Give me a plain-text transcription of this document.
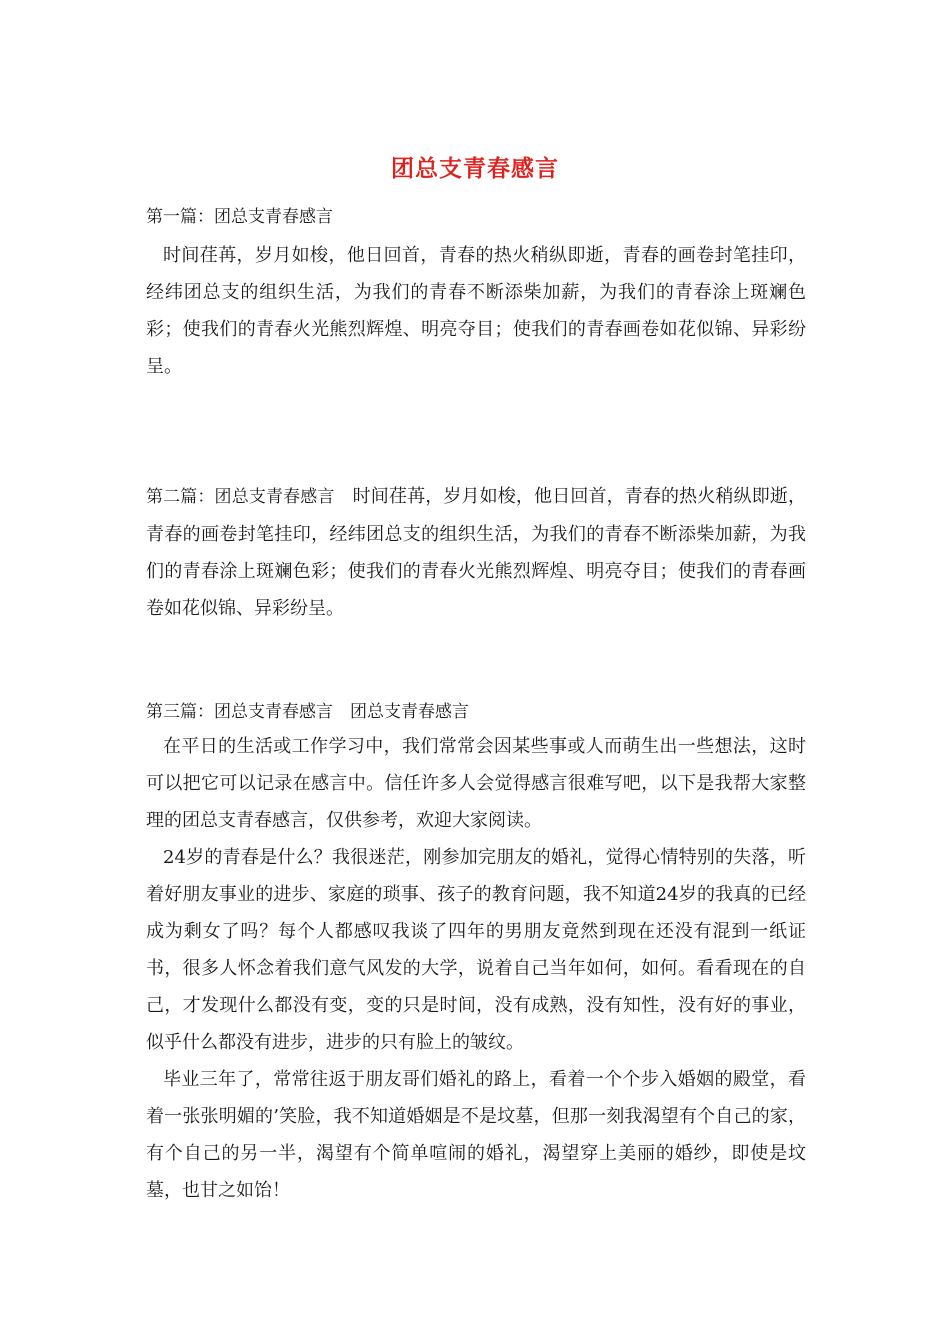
团总支青春感言

第一篇：团总支青春感言

时间荏苒，岁月如梭，他日回首，青春的热火稍纵即逝，青春的画卷封笔挂印，经纬团总支的组织生活，为我们的青春不断添柴加薪，为我们的青春涂上斑斓色彩；使我们的青春火光熊烈辉煌、明亮夺目；使我们的青春画卷如花似锦、异彩纷呈。

第二篇：团总支青春感言  时间荏苒，岁月如梭，他日回首，青春的热火稍纵即逝，青春的画卷封笔挂印，经纬团总支的组织生活，为我们的青春不断添柴加薪，为我们的青春涂上斑斓色彩；使我们的青春火光熊烈辉煌、明亮夺目；使我们的青春画卷如花似锦、异彩纷呈。

第三篇：团总支青春感言  团总支青春感言

在平日的生活或工作学习中，我们常常会因某些事或人而萌生出一些想法，这时可以把它可以记录在感言中。信任许多人会觉得感言很难写吧，以下是我帮大家整理的团总支青春感言，仅供参考，欢迎大家阅读。

24岁的青春是什么？我很迷茫，刚参加完朋友的婚礼，觉得心情特别的失落，听着好朋友事业的进步、家庭的琐事、孩子的教育问题，我不知道24岁的我真的已经成为剩女了吗？每个人都感叹我谈了四年的男朋友竟然到现在还没有混到一纸证书，很多人怀念着我们意气风发的大学，说着自己当年如何，如何。看看现在的自己，才发现什么都没有变，变的只是时间，没有成熟，没有知性，没有好的事业，似乎什么都没有进步，进步的只有脸上的皱纹。

毕业三年了，常常往返于朋友哥们婚礼的路上，看着一个个步入婚姻的殿堂，看着一张张明媚的’笑脸，我不知道婚姻是不是坟墓，但那一刻我渴望有个自己的家，有个自己的另一半，渴望有个简单喧闹的婚礼，渴望穿上美丽的婚纱，即使是坟墓，也甘之如饴！
